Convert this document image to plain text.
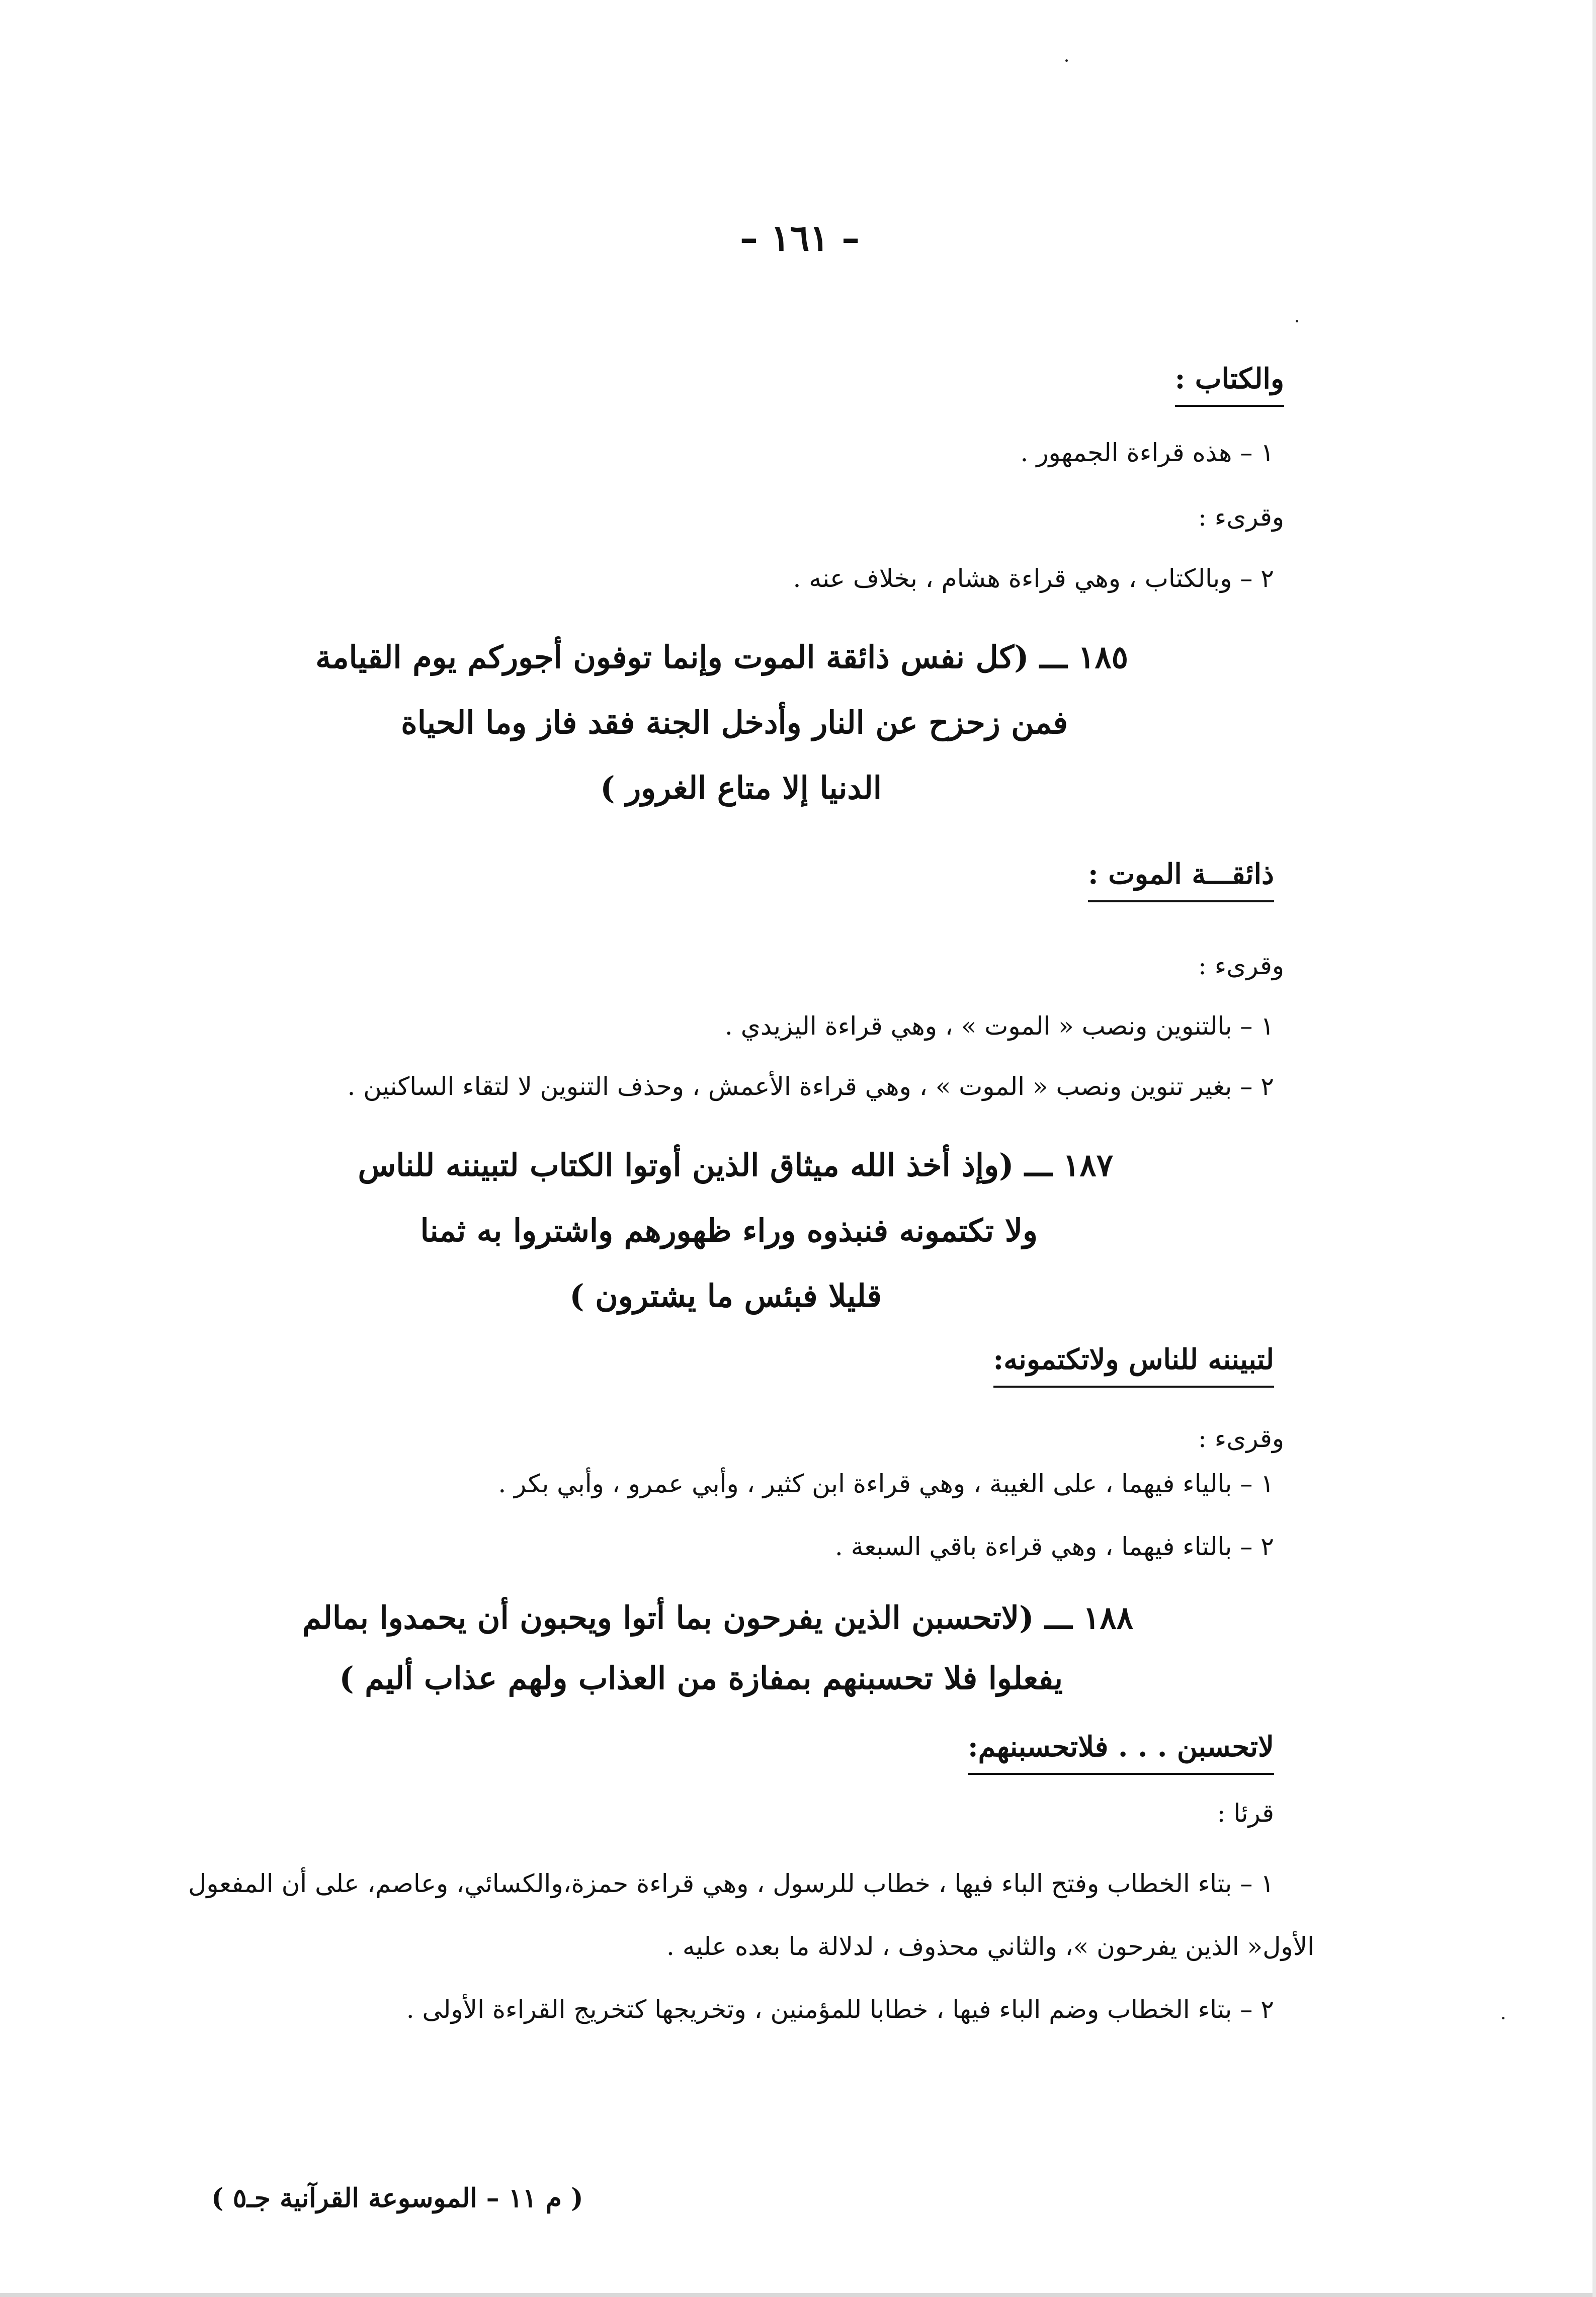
– ١٦١ –
والكتاب :
١ – هذه قراءة الجمهور .
وقرىء :
٢ – وبالكتاب ، وهي قراءة هشام ، بخلاف عنه .
١٨٥ ـــ (كل نفس ذائقة الموت وإنما توفون أجوركم يوم القيامة
فمن زحزح عن النار وأدخل الجنة فقد فاز وما الحياة
الدنيا إلا متاع الغرور )
ذائقـــة الموت :
وقرىء :
١ – بالتنوين ونصب « الموت » ، وهي قراءة اليزيدي .
٢ – بغير تنوين ونصب « الموت » ، وهي قراءة الأعمش ، وحذف التنوين لا لتقاء الساكنين .
١٨٧ ـــ (وإذ أخذ الله ميثاق الذين أوتوا الكتاب لتبيننه للناس
ولا تكتمونه فنبذوه وراء ظهورهم واشتروا به ثمنا
قليلا فبئس ما يشترون )
لتبيننه للناس ولاتكتمونه:
وقرىء :
١ – بالياء فيهما ، على الغيبة ، وهي قراءة ابن كثير ، وأبي عمرو ، وأبي بكر .
٢ – بالتاء فيهما ، وهي قراءة باقي السبعة .
١٨٨ ـــ (لاتحسبن الذين يفرحون بما أتوا ويحبون أن يحمدوا بمالم
يفعلوا فلا تحسبنهم بمفازة من العذاب ولهم عذاب أليم )
لاتحسبن . . . فلاتحسبنهم:
قرئا :
١ – بتاء الخطاب وفتح الباء فيها ، خطاب للرسول ، وهي قراءة حمزة،والكسائي، وعاصم، على أن المفعول
الأول« الذين يفرحون »، والثاني محذوف ، لدلالة ما بعده عليه .
٢ – بتاء الخطاب وضم الباء فيها ، خطابا للمؤمنين ، وتخريجها كتخريج القراءة الأولى .
( م ١١ – الموسوعة القرآنية جـ٥ )
